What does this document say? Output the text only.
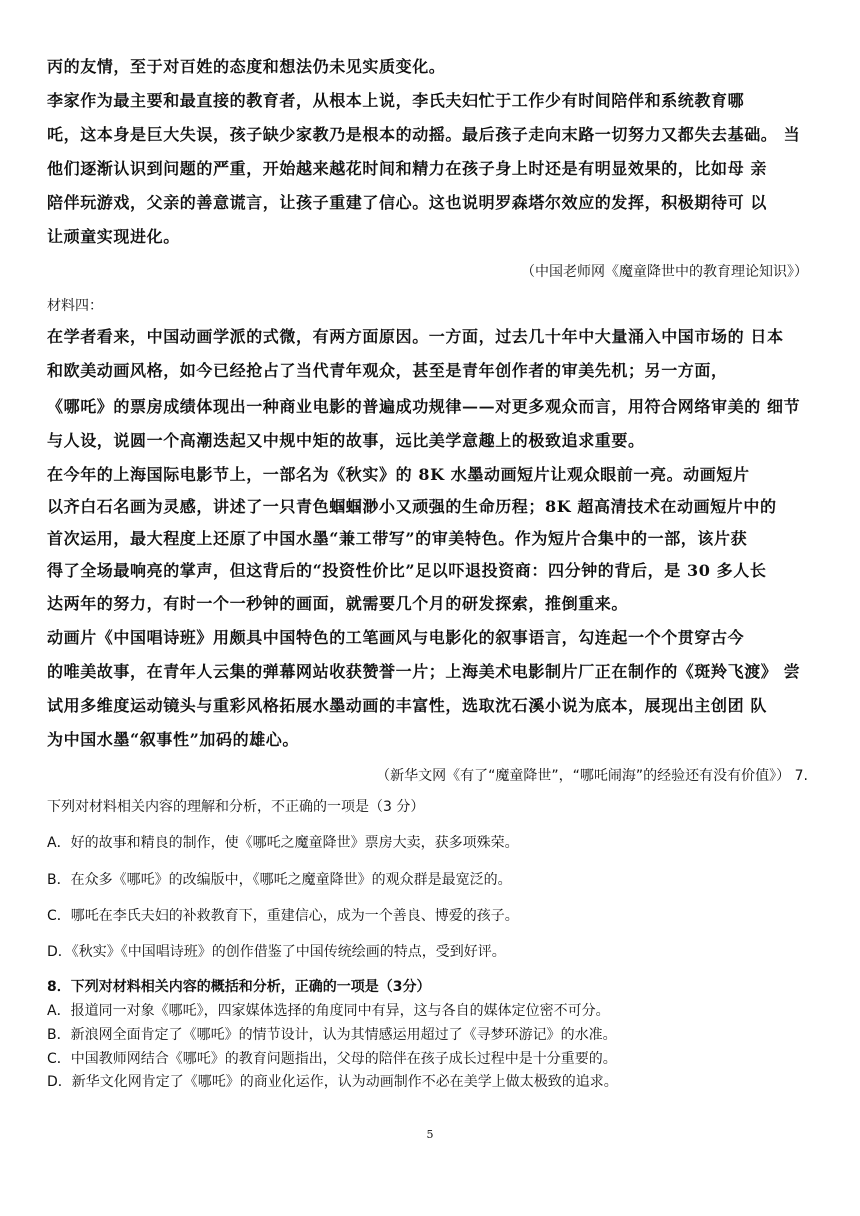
丙的友情，至于对百姓的态度和想法仍未见实质变化。
李家作为最主要和最直接的教育者，从根本上说，李氏夫妇忙于工作少有时间陪伴和系统教育哪
吒，这本身是巨大失误，孩子缺少家教乃是根本的动摇。最后孩子走向末路一切努力又都失去基础。 当
他们逐渐认识到问题的严重，开始越来越花时间和精力在孩子身上时还是有明显效果的，比如母 亲
陪伴玩游戏，父亲的善意谎言，让孩子重建了信心。这也说明罗森塔尔效应的发挥，积极期待可 以
让顽童实现进化。
（中国老师网《魔童降世中的教育理论知识》）
材料四：
在学者看来，中国动画学派的式微，有两方面原因。一方面，过去几十年中大量涌入中国市场的 日本
和欧美动画风格，如今已经抢占了当代青年观众，甚至是青年创作者的审美先机；另一方面，
《哪吒》的票房成绩体现出一种商业电影的普遍成功规律——对更多观众而言，用符合网络审美的 细节
与人设，说圆一个高潮迭起又中规中矩的故事，远比美学意趣上的极致追求重要。
在今年的上海国际电影节上，一部名为《秋实》的 8K 水墨动画短片让观众眼前一亮。动画短片
以齐白石名画为灵感，讲述了一只青色蝈蝈渺小又顽强的生命历程；8K 超高清技术在动画短片中的
首次运用，最大程度上还原了中国水墨“兼工带写”的审美特色。作为短片合集中的一部，该片获
得了全场最响亮的掌声，但这背后的“投资性价比”足以吓退投资商：四分钟的背后，是 30 多人长
达两年的努力，有时一个一秒钟的画面，就需要几个月的研发探索，推倒重来。
动画片《中国唱诗班》用颇具中国特色的工笔画风与电影化的叙事语言，勾连起一个个贯穿古今
的唯美故事，在青年人云集的弹幕网站收获赞誉一片；上海美术电影制片厂正在制作的《斑羚飞渡》 尝
试用多维度运动镜头与重彩风格拓展水墨动画的丰富性，选取沈石溪小说为底本，展现出主创团 队
为中国水墨“叙事性”加码的雄心。
（新华文网《有了“魔童降世”，“哪吒闹海”的经验还有没有价值》） 7.
下列对材料相关内容的理解和分析，不正确的一项是（3 分）
A．好的故事和精良的制作，使《哪吒之魔童降世》票房大卖，获多项殊荣。
B．在众多《哪吒》的改编版中，《哪吒之魔童降世》的观众群是最宽泛的。
C．哪吒在李氏夫妇的补救教育下，重建信心，成为一个善良、博爱的孩子。
D．《秋实》《中国唱诗班》的创作借鉴了中国传统绘画的特点，受到好评。
8．下列对材料相关内容的概括和分析，正确的一项是（3分）
A．报道同一对象《哪吒》，四家媒体选择的角度同中有异，这与各自的媒体定位密不可分。
B．新浪网全面肯定了《哪吒》的情节设计，认为其情感运用超过了《寻梦环游记》的水准。
C．中国教师网结合《哪吒》的教育问题指出，父母的陪伴在孩子成长过程中是十分重要的。
D．新华文化网肯定了《哪吒》的商业化运作，认为动画制作不必在美学上做太极致的追求。
5
